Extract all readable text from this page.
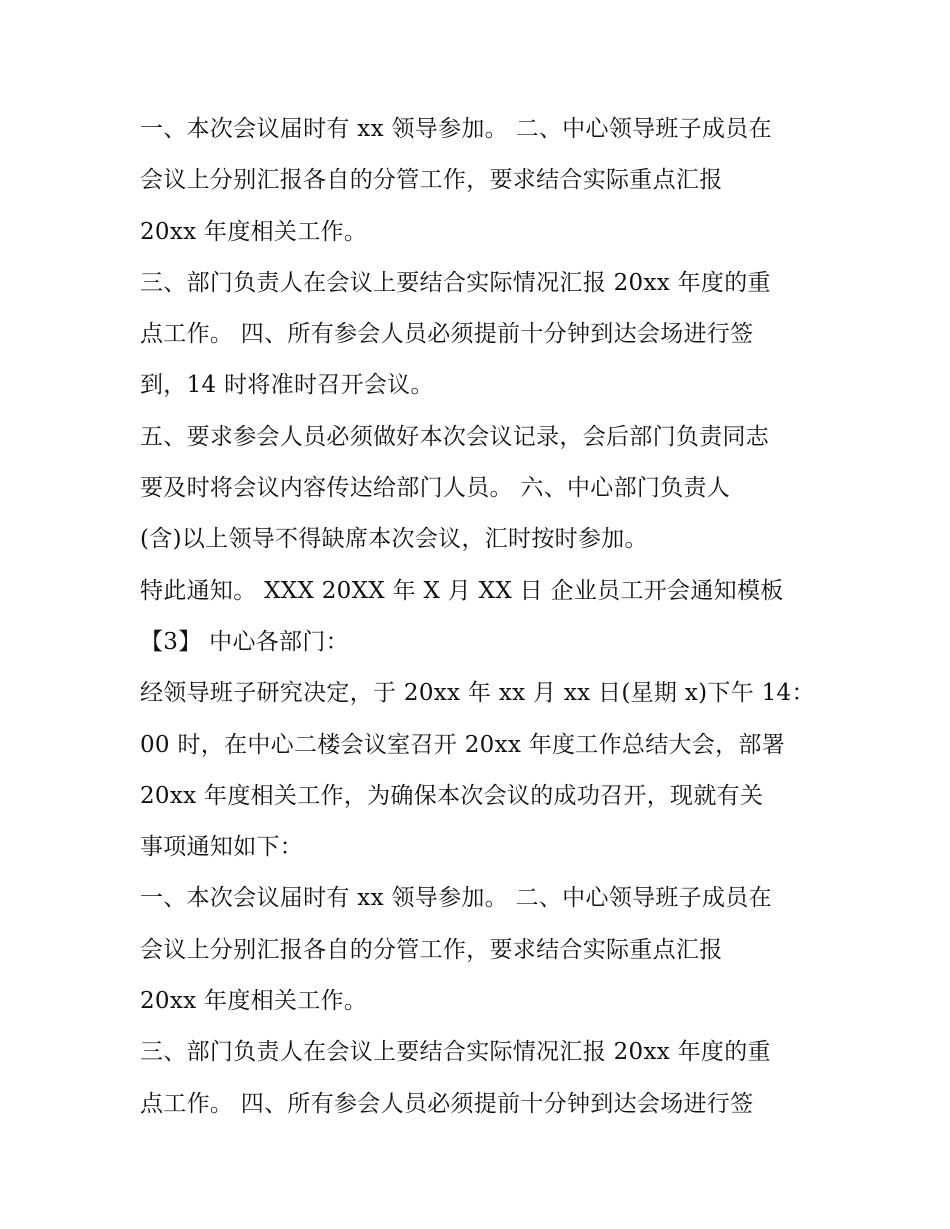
一、本次会议届时有 xx 领导参加。 二、中心领导班子成员在
会议上分别汇报各自的分管工作，要求结合实际重点汇报
20xx 年度相关工作。
三、部门负责人在会议上要结合实际情况汇报 20xx 年度的重
点工作。 四、所有参会人员必须提前十分钟到达会场进行签
到，14 时将准时召开会议。
五、要求参会人员必须做好本次会议记录，会后部门负责同志
要及时将会议内容传达给部门人员。 六、中心部门负责人
(含)以上领导不得缺席本次会议，汇时按时参加。
特此通知。 XXX 20XX 年 X 月 XX 日 企业员工开会通知模板
【3】 中心各部门：
经领导班子研究决定，于 20xx 年 xx 月 xx 日(星期 x)下午 14：
00 时，在中心二楼会议室召开 20xx 年度工作总结大会，部署
20xx 年度相关工作，为确保本次会议的成功召开，现就有关
事项通知如下：
一、本次会议届时有 xx 领导参加。 二、中心领导班子成员在
会议上分别汇报各自的分管工作，要求结合实际重点汇报
20xx 年度相关工作。
三、部门负责人在会议上要结合实际情况汇报 20xx 年度的重
点工作。 四、所有参会人员必须提前十分钟到达会场进行签
